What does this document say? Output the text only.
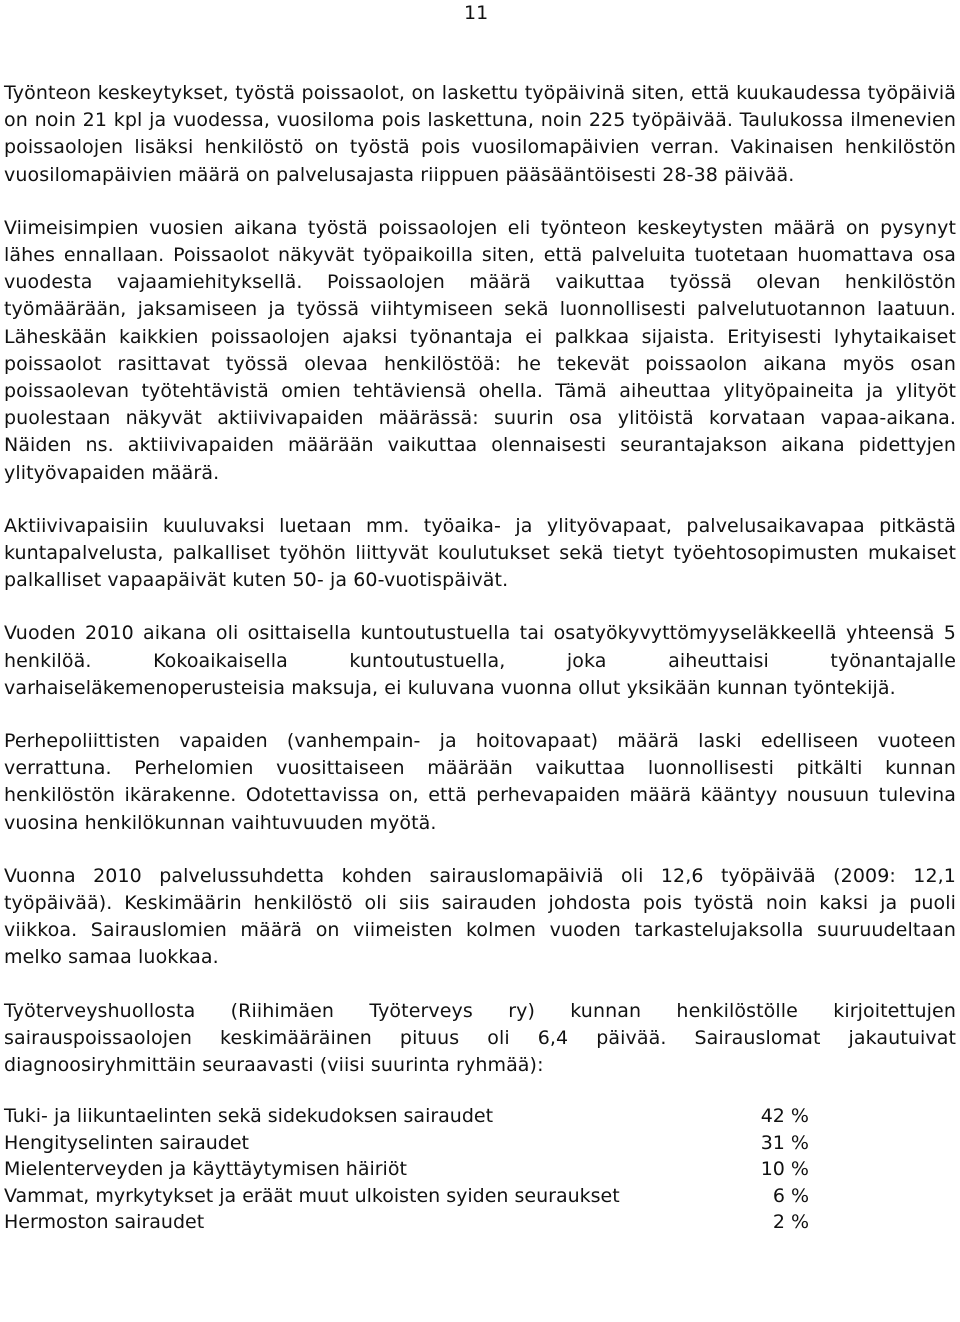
11

Työnteon keskeytykset, työstä poissaolot, on laskettu työpäivinä siten, että kuukaudessa työpäiviä on noin 21 kpl ja vuodessa, vuosiloma pois laskettuna, noin 225 työpäivää. Taulukossa ilmenevien poissaolojen lisäksi henkilöstö on työstä pois vuosilomapäivien verran. Vakinaisen henkilöstön vuosilomapäivien määrä on palvelusajasta riippuen pääsääntöisesti 28-38 päivää.

Viimeisimpien vuosien aikana työstä poissaolojen eli työnteon keskeytysten määrä on pysynyt lähes ennallaan. Poissaolot näkyvät työpaikoilla siten, että palveluita tuotetaan huomattava osa vuodesta vajaamiehityksellä. Poissaolojen määrä vaikuttaa työssä olevan henkilöstön työmäärään, jaksamiseen ja työssä viihtymiseen sekä luonnollisesti palvelutuotannon laatuun. Läheskään kaikkien poissaolojen ajaksi työnantaja ei palkkaa sijaista. Erityisesti lyhytaikaiset poissaolot rasittavat työssä olevaa henkilöstöä: he tekevät poissaolon aikana myös osan poissaolevan työtehtävistä omien tehtäviensä ohella. Tämä aiheuttaa ylityöpaineita ja ylityöt puolestaan näkyvät aktiivivapaiden määrässä: suurin osa ylitöistä korvataan vapaa-aikana. Näiden ns. aktiivivapaiden määrään vaikuttaa olennaisesti seurantajakson aikana pidettyjen ylityövapaiden määrä.

Aktiivivapaisiin kuuluvaksi luetaan mm. työaika- ja ylityövapaat, palvelusaikavapaa pitkästä kuntapalvelusta, palkalliset työhön liittyvät koulutukset sekä tietyt työehtosopimusten mukaiset palkalliset vapaapäivät kuten 50- ja 60-vuotispäivät.

Vuoden 2010 aikana oli osittaisella kuntoutustuella tai osatyökyvyttömyyseläkkeellä yhteensä 5 henkilöä. Kokoaikaisella kuntoutustuella, joka aiheuttaisi työnantajalle varhaiseläkemenoperusteisia maksuja, ei kuluvana vuonna ollut yksikään kunnan työntekijä.

Perhepoliittisten vapaiden (vanhempain- ja hoitovapaat) määrä laski edelliseen vuoteen verrattuna. Perhelomien vuosittaiseen määrään vaikuttaa luonnollisesti pitkälti kunnan henkilöstön ikärakenne. Odotettavissa on, että perhevapaiden määrä kääntyy nousuun tulevina vuosina henkilökunnan vaihtuvuuden myötä.

Vuonna 2010 palvelussuhdetta kohden sairauslomapäiviä oli 12,6 työpäivää (2009: 12,1 työpäivää). Keskimäärin henkilöstö oli siis sairauden johdosta pois työstä noin kaksi ja puoli viikkoa. Sairauslomien määrä on viimeisten kolmen vuoden tarkastelujaksolla suuruudeltaan melko samaa luokkaa.

Työterveyshuollosta (Riihimäen Työterveys ry) kunnan henkilöstölle kirjoitettujen sairauspoissaolojen keskimääräinen pituus oli 6,4 päivää. Sairauslomat jakautuivat diagnoosiryhmittäin seuraavasti (viisi suurinta ryhmää):

Tuki- ja liikuntaelinten sekä sidekudoksen sairaudet	42 %
Hengityselinten sairaudet	31 %
Mielenterveyden ja käyttäytymisen häiriöt	10 %
Vammat, myrkytykset ja eräät muut ulkoisten syiden seuraukset	6 %
Hermoston sairaudet	2 %
